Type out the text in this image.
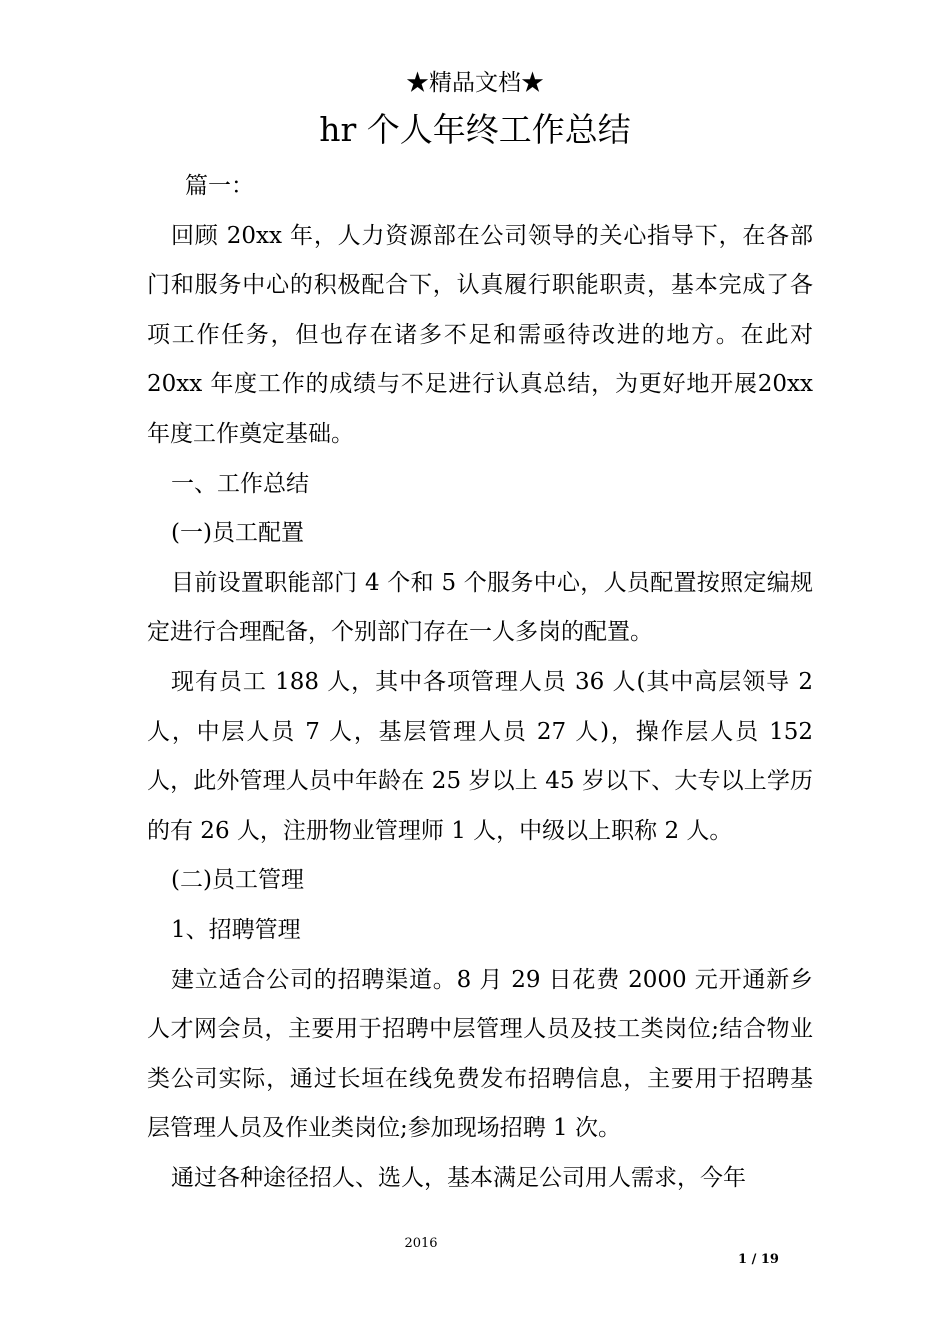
★精品文档★
hr 个人年终工作总结

篇一：

回顾 20xx 年，人力资源部在公司领导的关心指导下，在各部门和服务中心的积极配合下，认真履行职能职责，基本完成了各项工作任务，但也存在诸多不足和需亟待改进的地方。在此对 20xx 年度工作的成绩与不足进行认真总结，为更好地开展20xx 年度工作奠定基础。

一、工作总结

(一)员工配置

目前设置职能部门 4 个和 5 个服务中心，人员配置按照定编规定进行合理配备，个别部门存在一人多岗的配置。

现有员工 188 人，其中各项管理人员 36 人(其中高层领导 2 人，中层人员 7 人，基层管理人员 27 人)，操作层人员 152 人，此外管理人员中年龄在 25 岁以上 45 岁以下、大专以上学历的有 26 人，注册物业管理师 1 人，中级以上职称 2 人。

(二)员工管理

1、招聘管理

建立适合公司的招聘渠道。8 月 29 日花费 2000 元开通新乡人才网会员，主要用于招聘中层管理人员及技工类岗位;结合物业类公司实际，通过长垣在线免费发布招聘信息，主要用于招聘基层管理人员及作业类岗位;参加现场招聘 1 次。

通过各种途径招人、选人，基本满足公司用人需求，今年

2016
1 / 19
